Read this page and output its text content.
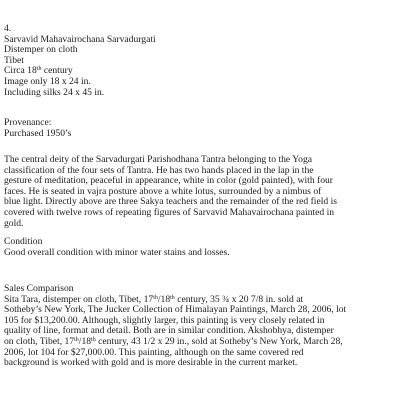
4.
Sarvavid Mahavairochana Sarvadurgati
Distemper on cloth
Tibet
Circa 18th century
Image only 18 x 24 in.
Including silks 24 x 45 in.
Provenance:
Purchased 1950’s
The central deity of the Sarvadurgati Parishodhana Tantra belonging to the Yoga
classification of the four sets of Tantra. He has two hands placed in the lap in the
gesture of meditation, peaceful in appearance, white in color (gold painted), with four
faces. He is seated in vajra posture above a white lotus, surrounded by a nimbus of
blue light. Directly above are three Sakya teachers and the remainder of the red field is
covered with twelve rows of repeating figures of Sarvavid Mahavairochana painted in
gold.
Condition
Good overall condition with minor water stains and losses.
Sales Comparison
Sita Tara, distemper on cloth, Tibet, 17th/18th century, 35 ¾ x 20 7/8 in. sold at
Sotheby’s New York, The Jucker Collection of Himalayan Paintings, March 28, 2006, lot
105 for $13,200.00. Although, slightly larger, this painting is very closely related in
quality of line, format and detail. Both are in similar condition. Akshobhya, distemper
on cloth, Tibet, 17th/18th century, 43 1/2 x 29 in., sold at Sotheby’s New York, March 28,
2006, lot 104 for $27,000.00. This painting, although on the same covered red
background is worked with gold and is more desirable in the current market.
